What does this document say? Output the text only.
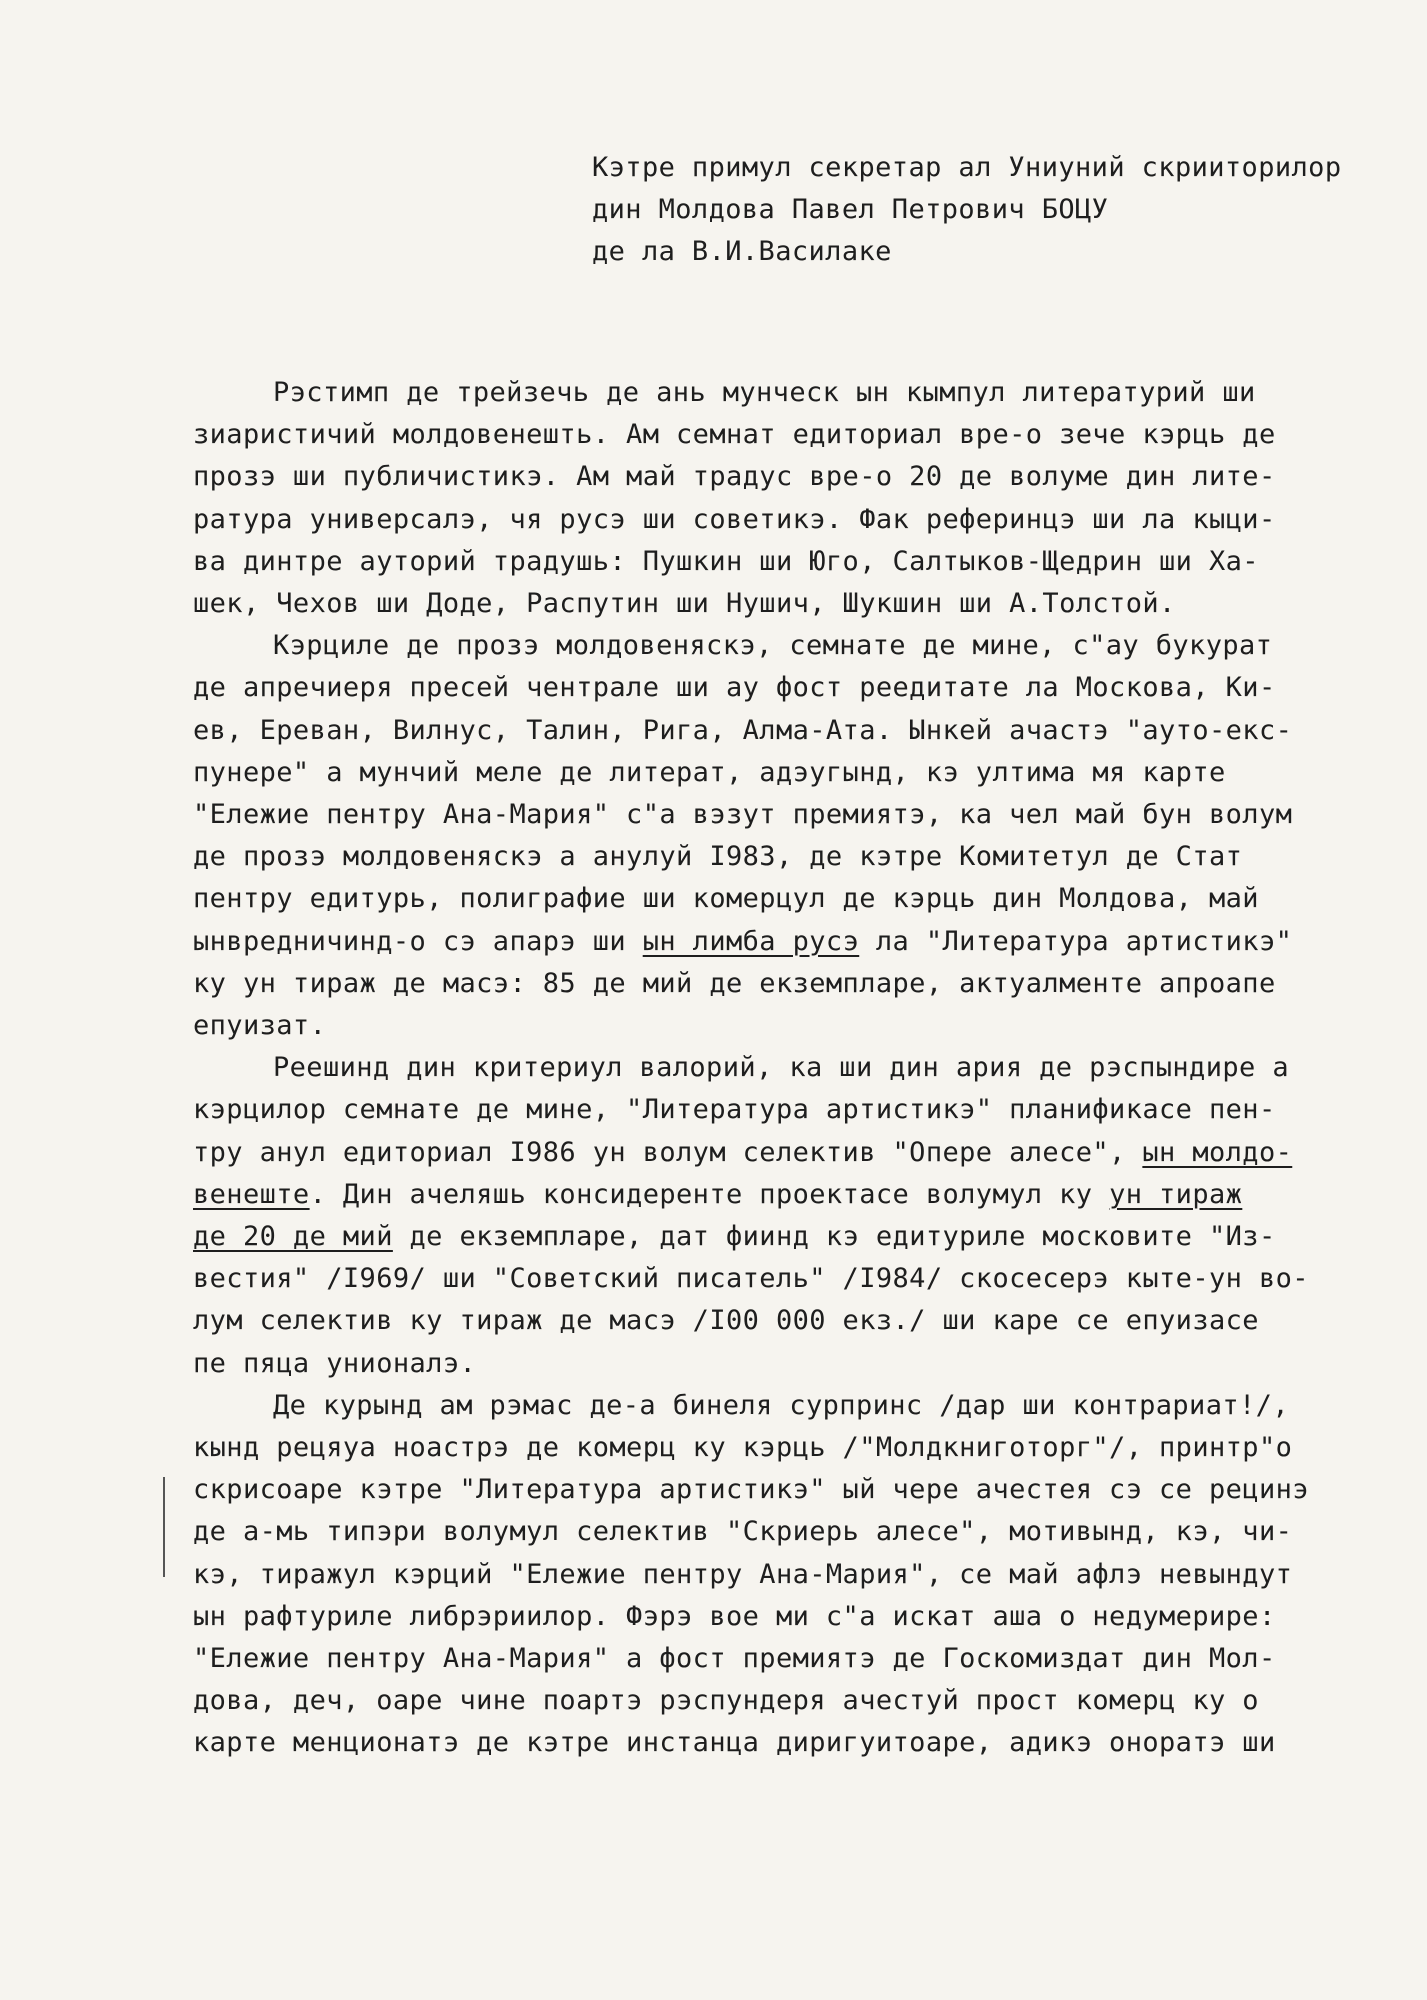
Кэтре примул секретар ал Униуний скрииторилор
дин Молдова Павел Петрович БОЦУ
де ла В.И.Василаке
Рэстимп де трейзечь де ань мунческ ын кымпул литературий ши
зиаристичий молдовенешть. Ам семнат едиториал вре-о зече кэрць де
прозэ ши публичистикэ. Ам май традус вре-о 20 де волуме дин лите-
ратура универсалэ, чя русэ ши советикэ. Фак реферинцэ ши ла кыци-
ва динтре ауторий традушь: Пушкин ши Юго, Салтыков-Щедрин ши Ха-
шек, Чехов ши Доде, Распутин ши Нушич, Шукшин ши А.Толстой.
Кэрциле де прозэ молдовеняскэ, семнате де мине, с"ау букурат
де апречиеря пресей чентрале ши ау фост реедитате ла Москова, Ки-
ев, Ереван, Вилнус, Талин, Рига, Алма-Ата. Ынкей ачастэ "ауто-екс-
пунере" а мунчий меле де литерат, адэугынд, кэ ултима мя карте
"Ележие пентру Ана-Мария" с"а вэзут премиятэ, ка чел май бун волум
де прозэ молдовеняскэ а анулуй I983, де кэтре Комитетул де Стат
пентру едитурь, полиграфие ши комерцул де кэрць дин Молдова, май
ынвредничинд-о сэ апарэ ши ын лимба русэ ла "Литература артистикэ"
ку ун тираж де масэ: 85 де мий де екземпларе, актуалменте апроапе
епуизат.
Реешинд дин критериул валорий, ка ши дин ария де рэспындире а
кэрцилор семнате де мине, "Литература артистикэ" планификасе пен-
тру анул едиториал I986 ун волум селектив "Опере алесе", ын молдо-
венеште. Дин ачеляшь консидеренте проектасе волумул ку ун тираж
де 20 де мий де екземпларе, дат фиинд кэ едитуриле московите "Из-
вестия" /I969/ ши "Советский писатель" /I984/ скосесерэ кыте-ун во-
лум селектив ку тираж де масэ /I00 000 екз./ ши каре се епуизасе
пе пяца унионалэ.
Де курынд ам рэмас де-а бинеля сурпринс /дар ши контрариат!/,
кынд рецяуа ноастрэ де комерц ку кэрць /"Молдкниготорг"/, принтр"о
скрисоаре кэтре "Литература артистикэ" ый чере ачестея сэ се рецинэ
де а-мь типэри волумул селектив "Скриерь алесе", мотивынд, кэ, чи-
кэ, тиражул кэрций "Ележие пентру Ана-Мария", се май афлэ невындут
ын рафтуриле либрэриилор. Фэрэ вое ми с"а искат аша о недумерире:
"Ележие пентру Ана-Мария" а фост премиятэ де Госкомиздат дин Мол-
дова, деч, оаре чине поартэ рэспундеря ачестуй прост комерц ку о
карте менционатэ де кэтре инстанца диригуитоаре, адикэ онoратэ ши
